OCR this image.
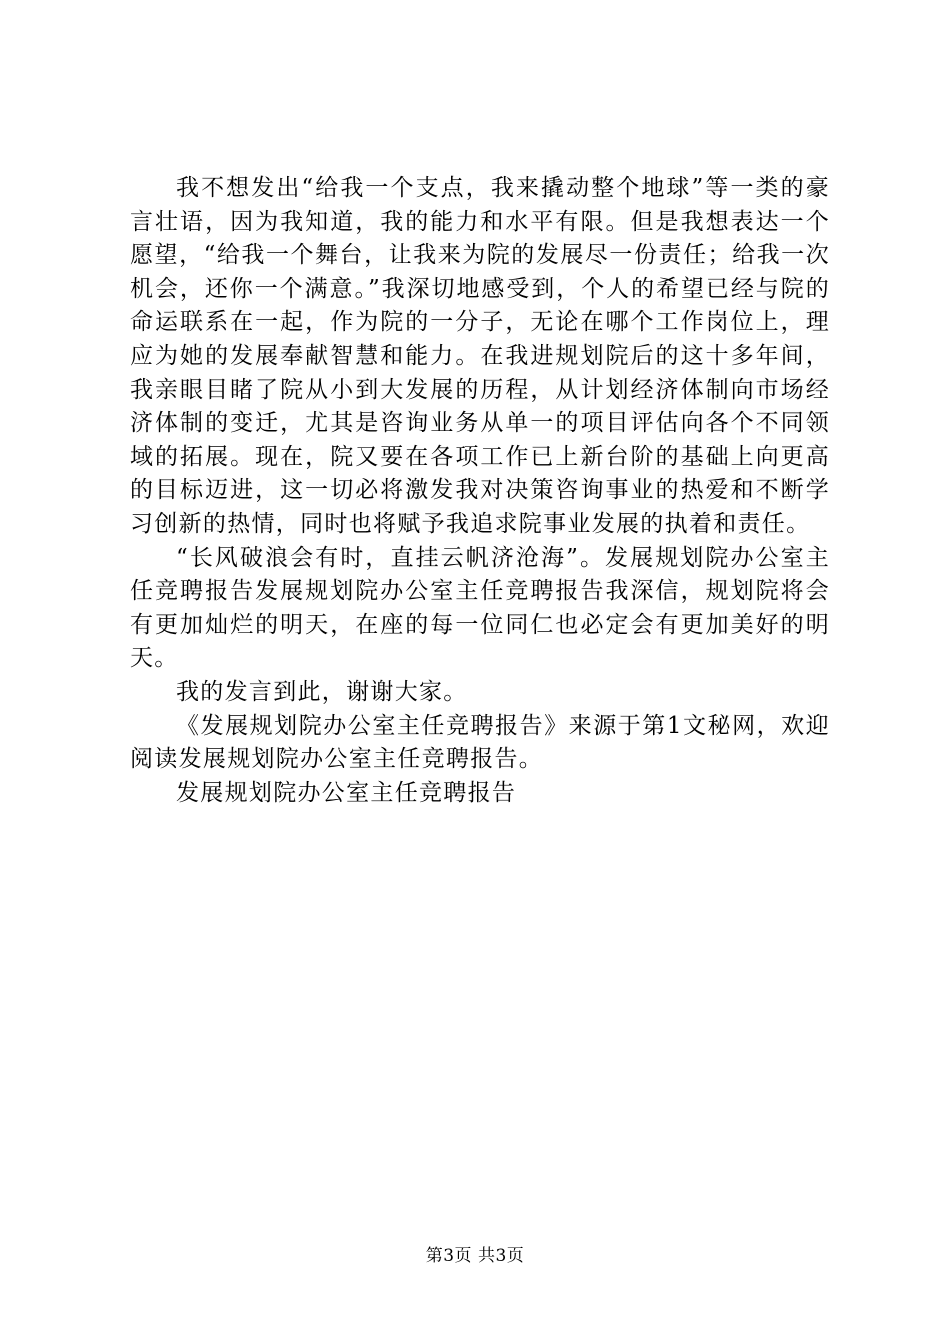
我不想发出“给我一个支点，我来撬动整个地球”等一类的豪言壮语，因为我知道，我的能力和水平有限。但是我想表达一个愿望，“给我一个舞台，让我来为院的发展尽一份责任；给我一次机会，还你一个满意。”我深切地感受到，个人的希望已经与院的命运联系在一起，作为院的一分子，无论在哪个工作岗位上，理应为她的发展奉献智慧和能力。在我进规划院后的这十多年间，我亲眼目睹了院从小到大发展的历程，从计划经济体制向市场经济体制的变迁，尤其是咨询业务从单一的项目评估向各个不同领域的拓展。现在，院又要在各项工作已上新台阶的基础上向更高的目标迈进，这一切必将激发我对决策咨询事业的热爱和不断学习创新的热情，同时也将赋予我追求院事业发展的执着和责任。

“长风破浪会有时，直挂云帆济沧海”。发展规划院办公室主任竞聘报告发展规划院办公室主任竞聘报告我深信，规划院将会有更加灿烂的明天，在座的每一位同仁也必定会有更加美好的明天。

我的发言到此，谢谢大家。

《发展规划院办公室主任竞聘报告》来源于第1文秘网，欢迎阅读发展规划院办公室主任竞聘报告。

发展规划院办公室主任竞聘报告

第3页 共3页
